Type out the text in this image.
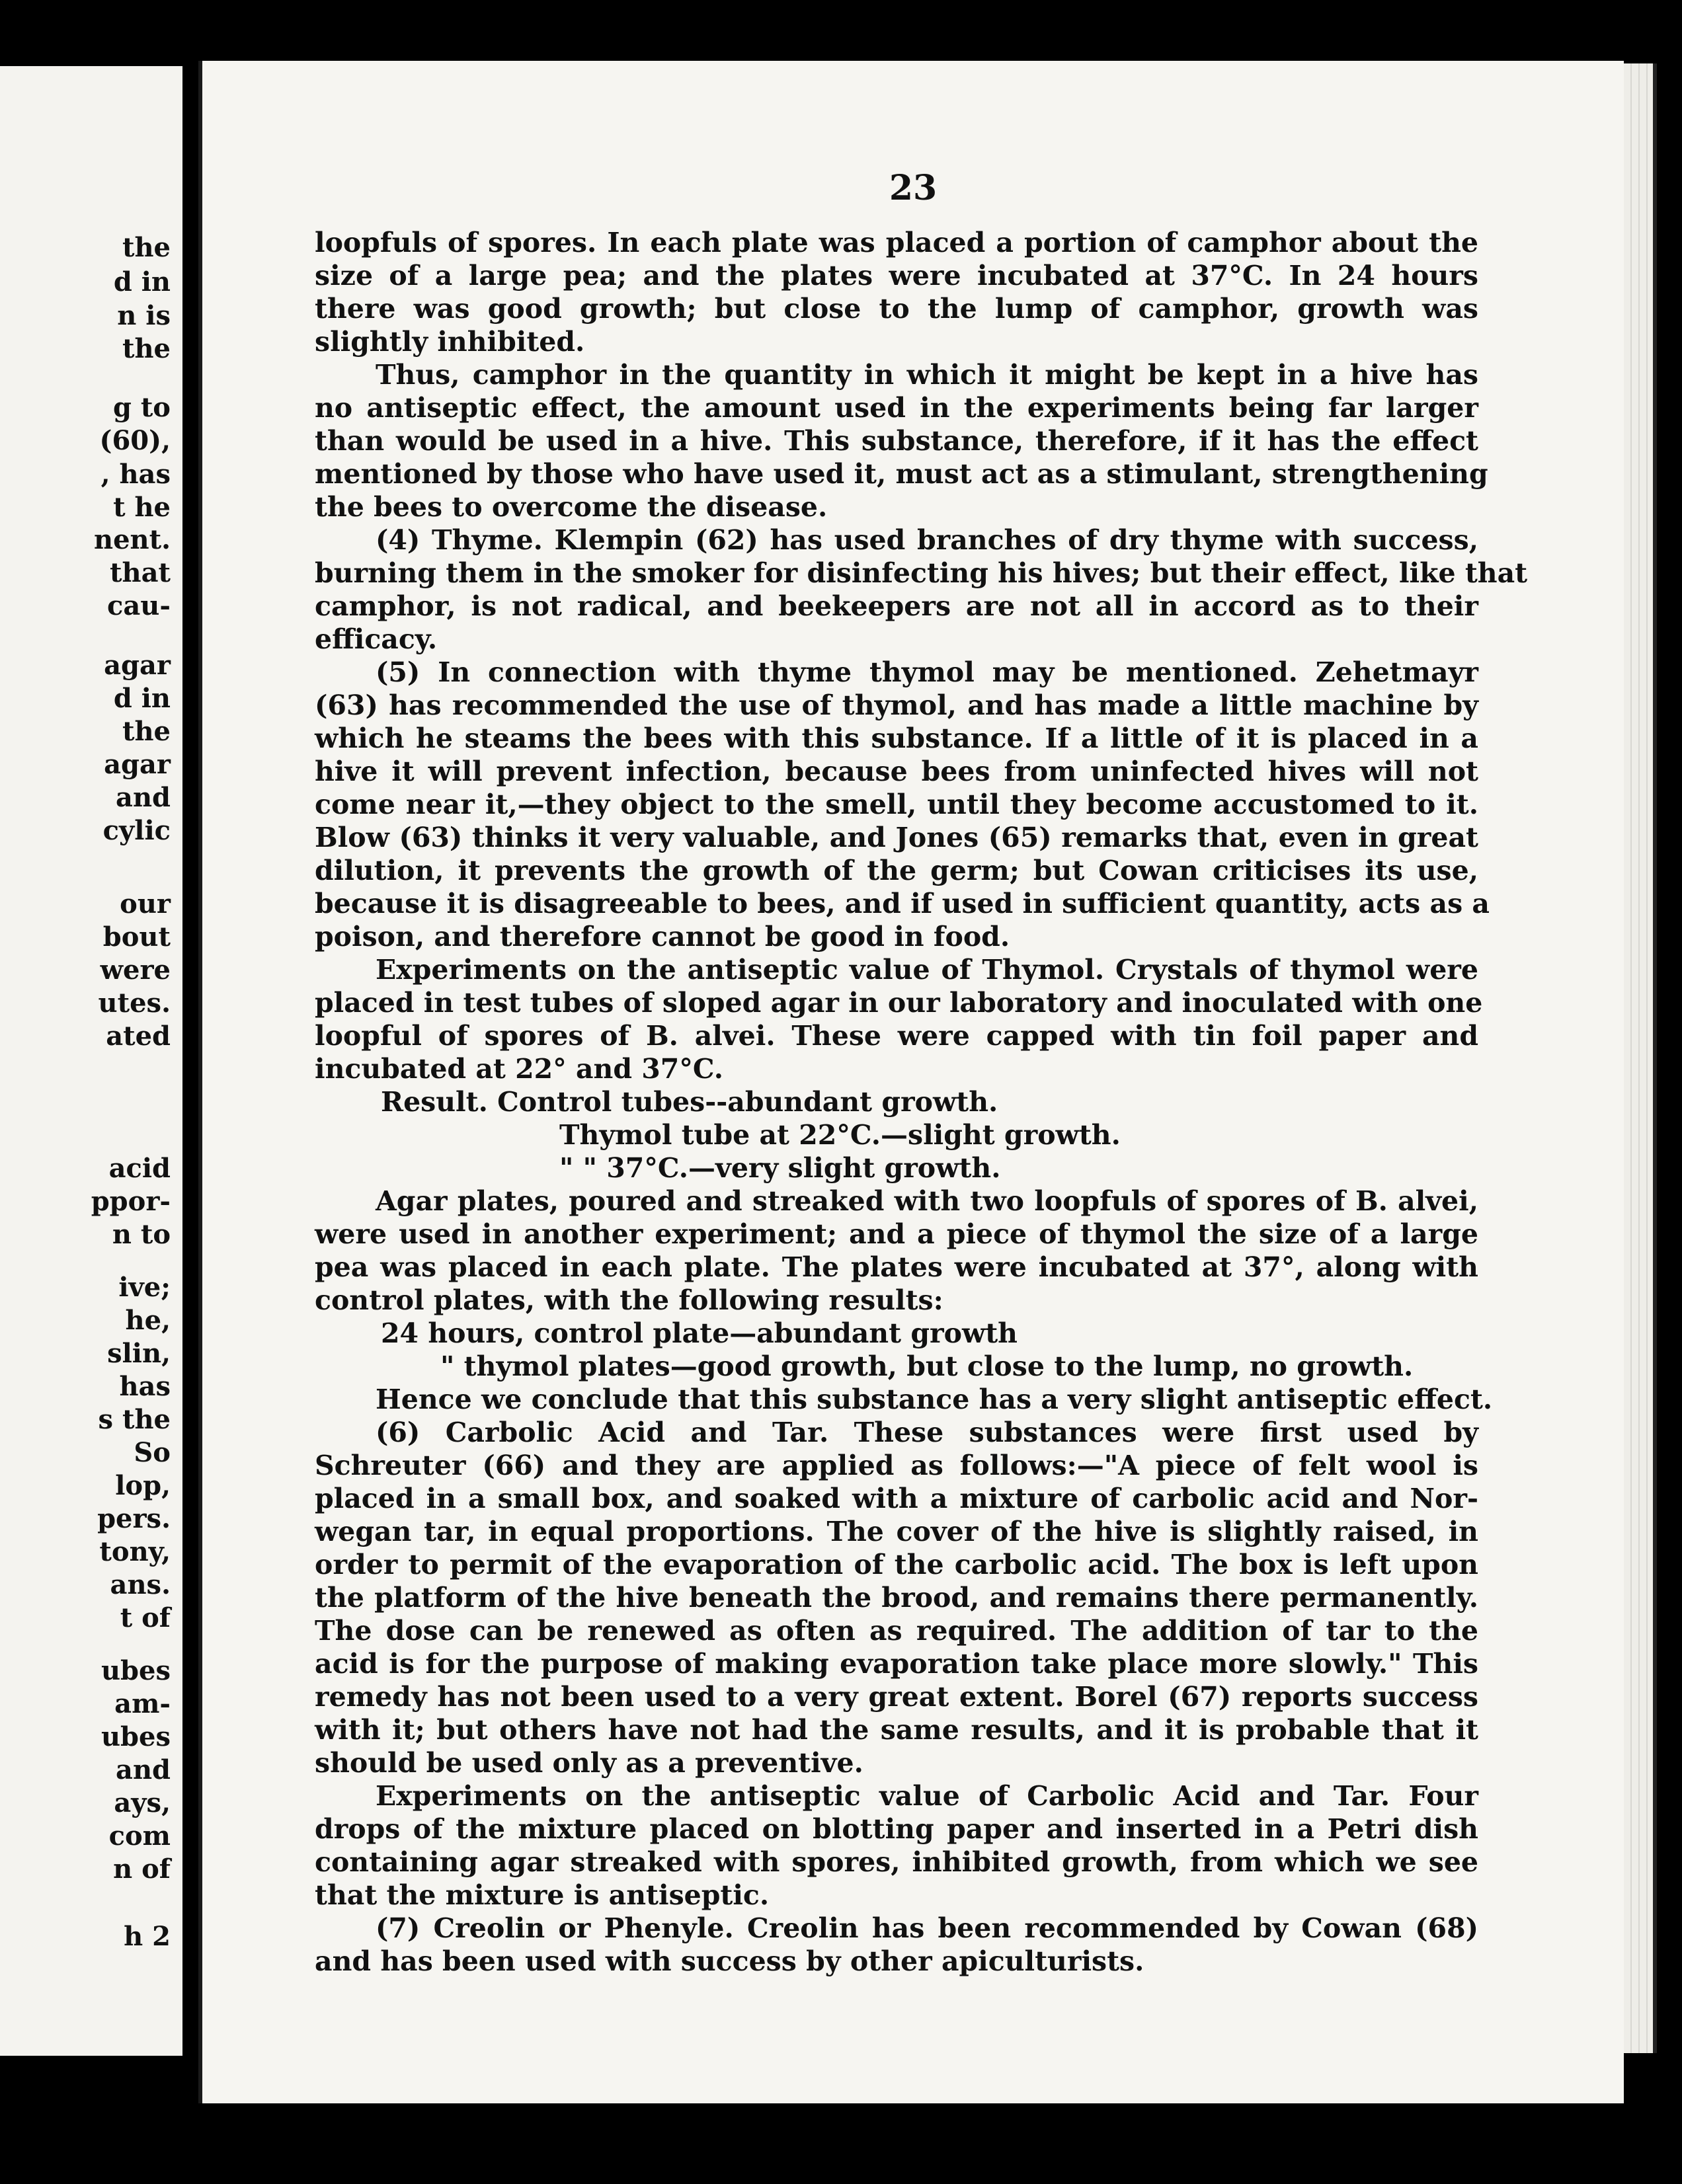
the
d in
n is
the
g to
(60),
, has
t he
nent.
that
cau-
agar
d in
the
agar
and
cylic
our
bout
were
utes.
ated
acid
ppor-
n to
ive;
he,
slin,
has
s the
So
lop,
pers.
tony,
ans.
t of
ubes
am-
ubes
and
ays,
com
n of
h 2
23
loopfuls of spores. In each plate was placed a portion of camphor about the
size of a large pea; and the plates were incubated at 37°C. In 24 hours
there was good growth; but close to the lump of camphor, growth was
slightly inhibited.
Thus, camphor in the quantity in which it might be kept in a hive has
no antiseptic effect, the amount used in the experiments being far larger
than would be used in a hive. This substance, therefore, if it has the effect
mentioned by those who have used it, must act as a stimulant, strengthening
the bees to overcome the disease.
(4) Thyme. Klempin (62) has used branches of dry thyme with success,
burning them in the smoker for disinfecting his hives; but their effect, like that
camphor, is not radical, and beekeepers are not all in accord as to their
efficacy.
(5) In connection with thyme thymol may be mentioned. Zehetmayr
(63) has recommended the use of thymol, and has made a little machine by
which he steams the bees with this substance. If a little of it is placed in a
hive it will prevent infection, because bees from uninfected hives will not
come near it,—they object to the smell, until they become accustomed to it.
Blow (63) thinks it very valuable, and Jones (65) remarks that, even in great
dilution, it prevents the growth of the germ; but Cowan criticises its use,
because it is disagreeable to bees, and if used in sufficient quantity, acts as a
poison, and therefore cannot be good in food.
Experiments on the antiseptic value of Thymol. Crystals of thymol were
placed in test tubes of sloped agar in our laboratory and inoculated with one
loopful of spores of B. alvei. These were capped with tin foil paper and
incubated at 22° and 37°C.
Result. Control tubes--abundant growth.
Thymol tube at 22°C.—slight growth.
" " 37°C.—very slight growth.
Agar plates, poured and streaked with two loopfuls of spores of B. alvei,
were used in another experiment; and a piece of thymol the size of a large
pea was placed in each plate. The plates were incubated at 37°, along with
control plates, with the following results:
24 hours, control plate—abundant growth
" thymol plates—good growth, but close to the lump, no growth.
Hence we conclude that this substance has a very slight antiseptic effect.
(6) Carbolic Acid and Tar. These substances were first used by
Schreuter (66) and they are applied as follows:—"A piece of felt wool is
placed in a small box, and soaked with a mixture of carbolic acid and Nor-
wegan tar, in equal proportions. The cover of the hive is slightly raised, in
order to permit of the evaporation of the carbolic acid. The box is left upon
the platform of the hive beneath the brood, and remains there permanently.
The dose can be renewed as often as required. The addition of tar to the
acid is for the purpose of making evaporation take place more slowly." This
remedy has not been used to a very great extent. Borel (67) reports success
with it; but others have not had the same results, and it is probable that it
should be used only as a preventive.
Experiments on the antiseptic value of Carbolic Acid and Tar. Four
drops of the mixture placed on blotting paper and inserted in a Petri dish
containing agar streaked with spores, inhibited growth, from which we see
that the mixture is antiseptic.
(7) Creolin or Phenyle. Creolin has been recommended by Cowan (68)
and has been used with success by other apiculturists.
